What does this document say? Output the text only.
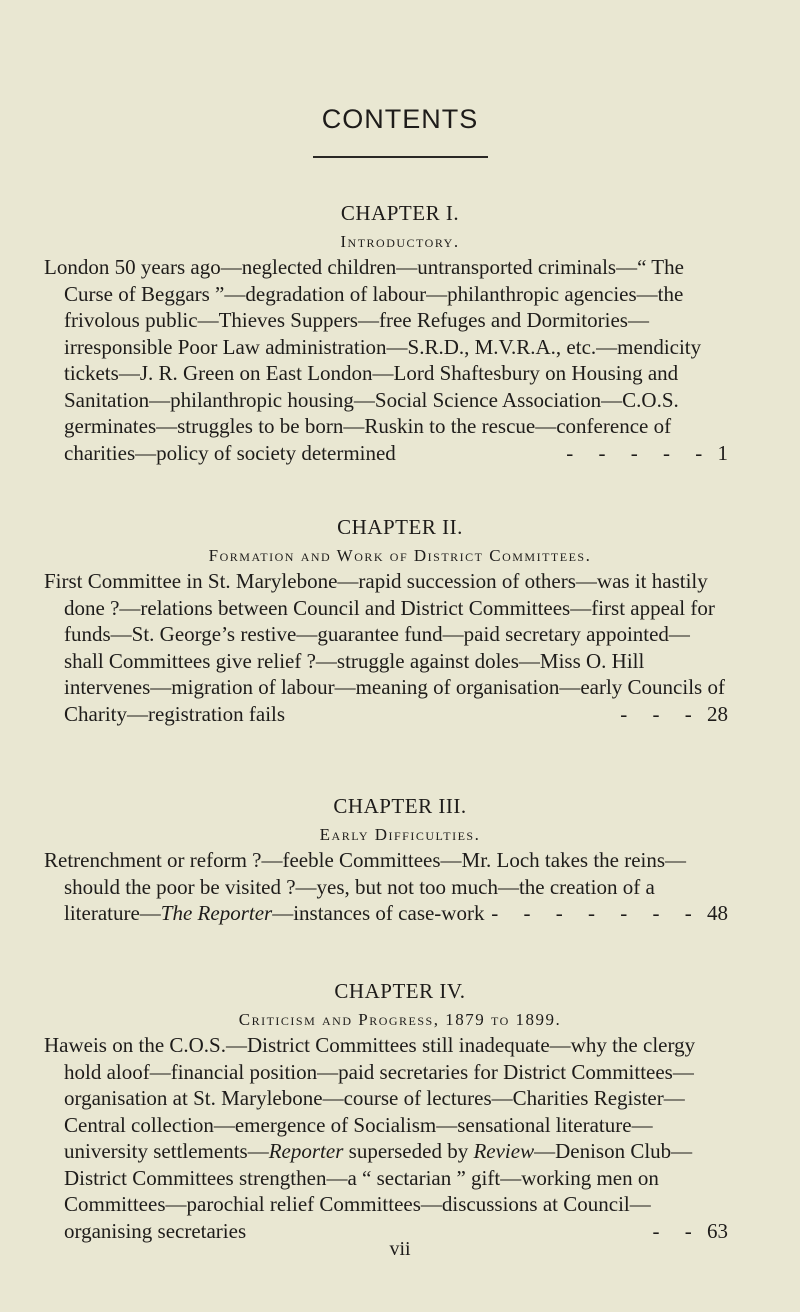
CONTENTS
CHAPTER I.
Introductory.

London 50 years ago—neglected children—untransported criminals—“ The Curse of Beggars ”—degradation of labour—philanthropic agencies—the frivolous public—Thieves Suppers—free Refuges and Dormitories—irresponsible Poor Law administration—S.R.D., M.V.R.A., etc.—mendicity tickets—J. R. Green on East London—Lord Shaftesbury on Housing and Sanitation—philanthropic housing—Social Science Association—C.O.S. germinates—struggles to be born—Ruskin to the rescue—conference of charities—policy of society determined	- - - - - 1

CHAPTER II.
Formation and Work of District Committees.

First Committee in St. Marylebone—rapid succession of others—was it hastily done ?—relations between Council and District Committees—first appeal for funds—St. George’s restive—guarantee fund—paid secretary appointed—shall Committees give relief ?—struggle against doles—Miss O. Hill intervenes—migration of labour—meaning of organisation—early Councils of Charity—registration fails	- - - 28

CHAPTER III.
Early Difficulties.

Retrenchment or reform ?—feeble Committees—Mr. Loch takes the reins—should the poor be visited ?—yes, but not too much—the creation of a literature—The Reporter—instances of case-work - - - - - - - 48

CHAPTER IV.
Criticism and Progress, 1879 to 1899.

Haweis on the C.O.S.—District Committees still inadequate—why the clergy hold aloof—financial position—paid secretaries for District Committees—organisation at St. Marylebone—course of lectures—Charities Register—Central collection—emergence of Socialism—sensational literature—university settlements—Reporter superseded by Review—Denison Club—District Committees strengthen—a “ sectarian ” gift—working men on Committees—parochial relief Committees—discussions at Council—organising secretaries	- - 63

vii
